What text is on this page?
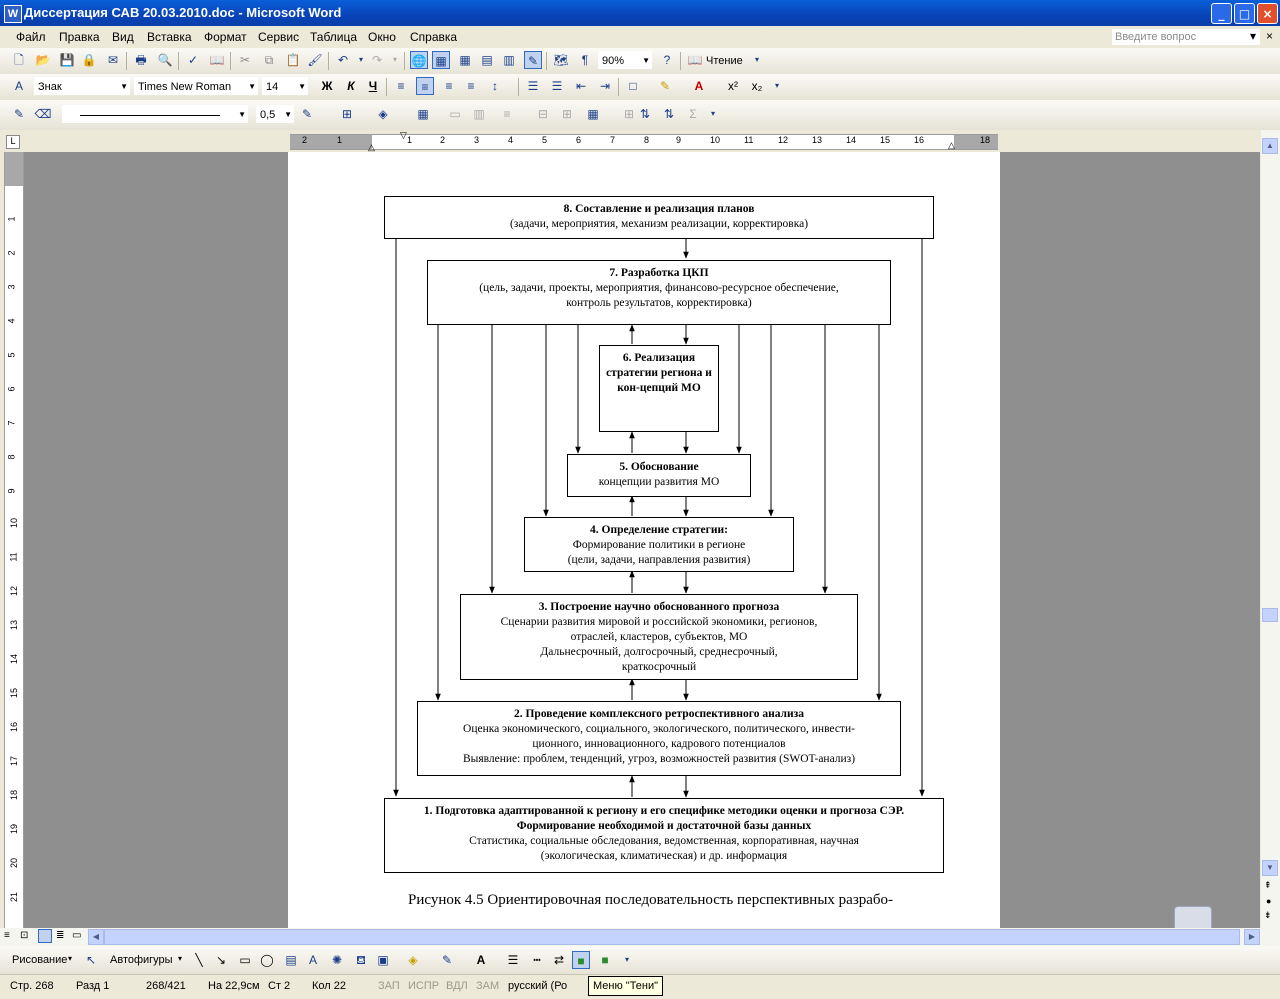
W Диссертация САВ 20.03.2010.doc - Microsoft Word	_	□	×
Файл Правка Вид Вставка Формат Сервис Таблица Окно Справка	Введите вопрос	▾ ×
🗋 📂 💾 🔒 ✉	🖶 🔍	✓ 📖	✂	⧉	📋 🖌	↶	▾ ↷	▾	🌐 ▦ ▦ ▤ ▥	✎	🗺	¶	90% ▼	?	📖 Чтение	▾
A	Знак	▼ Times New Roman ▼ 14 ▼ Ж	К	Ч	≡	≡	≡	≡	↕	☰	☰	⇤	⇥	□	✎	A	x²	x₂	▾
✎ ⌫	▼	0,5 ▼ ✎	⊞	◈	▦ ▭ ▥	≡	⊟	⊞	▦	⊞ ⇅	⇅	Σ	▾
L	2	1	1	2	3	4	5	6	7	8	9	10	11	12	13	14	15	16	18
▽
△	△
1
2
3
4
5
6
7
8
9
10
11
12
13
14
15
16
17
18
19
20
21
8. Составление и реализация планов
(задачи, мероприятия, механизм реализации, корректировка)
7. Разработка ЦКП
(цель, задачи, проекты, мероприятия, финансово-ресурсное обеспечение,
контроль результатов, корректировка)
6. Реализация стратегии региона и кон-цепций МО
5. Обоснование
концепции развития МО
4. Определение стратегии:
Формирование политики в регионе
(цели, задачи, направления развития)
3. Построение научно обоснованного прогноза
Сценарии развития мировой и российской экономики, регионов,
отраслей, кластеров, субъектов, МО
Дальнесрочный, долгосрочный, среднесрочный,
краткосрочный
2. Проведение комплексного ретроспективного анализа
Оценка экономического, социального, экологического, политического, инвести-
ционного, инновационного, кадрового потенциалов
Выявление: проблем, тенденций, угроз, возможностей развития (SWOT-анализ)
1. Подготовка адаптированной к региону и его специфике методики оценки и прогноза СЭР. Формирование необходимой и достаточной базы данных
Статистика, социальные обследования, ведомственная, корпоративная, научная
(экологическая, климатическая) и др. информация
Рисунок 4.5 Ориентировочная последовательность перспективных разрабо-
▲
▼
⇞
●
⇟
≡ ⊡	≣ ▭	◀	▶
Рисование ▾	↖	Автофигуры ▾	╲	↘	▭ ◯ ▤	A	✺	⛾ ▣	◈	✎	A	☰	┅	⇄	■	■	▾
Стр. 268 Разд 1	268/421 На 22,9см Ст 2 Кол 22	ЗАП ИСПР ВДЛ ЗАМ русский (Ро	Меню "Тени"
